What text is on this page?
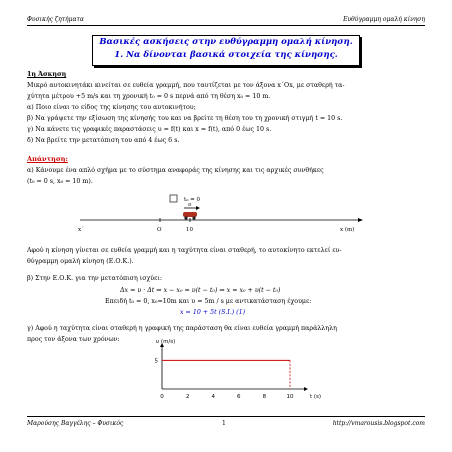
Φυσικής ζητήματα	Ευθύγραμμη ομαλή κίνηση
Βασικές ασκήσεις στην ευθύγραμμη ομαλή κίνηση.
1. Να δίνονται βασικά στοιχεία της κίνησης.
1η Άσκηση
Μικρό αυτοκινητάκι κινείται σε ευθεία γραμμή, που ταυτίζεται με τον άξονα x΄Ox, με σταθερή τα-
χύτητα μέτρου +5 m/s και τη χρονική t₀ = 0 s περνά από τη θέση x₀ = 10 m.
α) Ποιο είναι το είδος της κίνησης του αυτοκινήτου;
β) Να γράψετε την εξίσωση της κίνησής του και να βρείτε τη θέση του τη χρονική στιγμή t = 10 s.
γ) Να κάνετε τις γραφικές παραστάσεις υ = f(t) και x = f(t), από 0 έως 10 s.
δ) Να βρείτε την μετατόπιση του από 4 έως 6 s.
Απάντηση:
α) Κάνουμε ένα απλό σχήμα με το σύστημα αναφοράς της κίνησης και τις αρχικές συνθήκες
(t₀ = 0 s, x₀ = 10 m).
t₀ = 0
υ
x΄	O	10	x (m)
Αφού η κίνηση γίνεται σε ευθεία γραμμή και η ταχύτητα είναι σταθερή, το αυτοκίνητο εκτελεί ευ-
θύγραμμη ομαλή κίνηση (Ε.Ο.Κ.).
β) Στην Ε.Ο.Κ. για την μετατόπιση ισχύει:
Δx = υ · Δt ⇒ x − x₀ = υ(t − t₀) ⇒ x = x₀ + υ(t − t₀)
Επειδή t₀ = 0, x₀=10m και υ = 5m / s με αντικατάσταση έχουμε:
x = 10 + 5t (S.I.) (1)
γ) Αφού η ταχύτητα είναι σταθερή η γραφική της παράσταση θα είναι ευθεία γραμμή παράλληλη
προς τον άξονα των χρόνων:	υ (m/s)
t (s)
0	2	4	6	8	10
5
Μαρούσης Βαγγέλης – Φυσικός	1	http://vmarousis.blogspot.com
